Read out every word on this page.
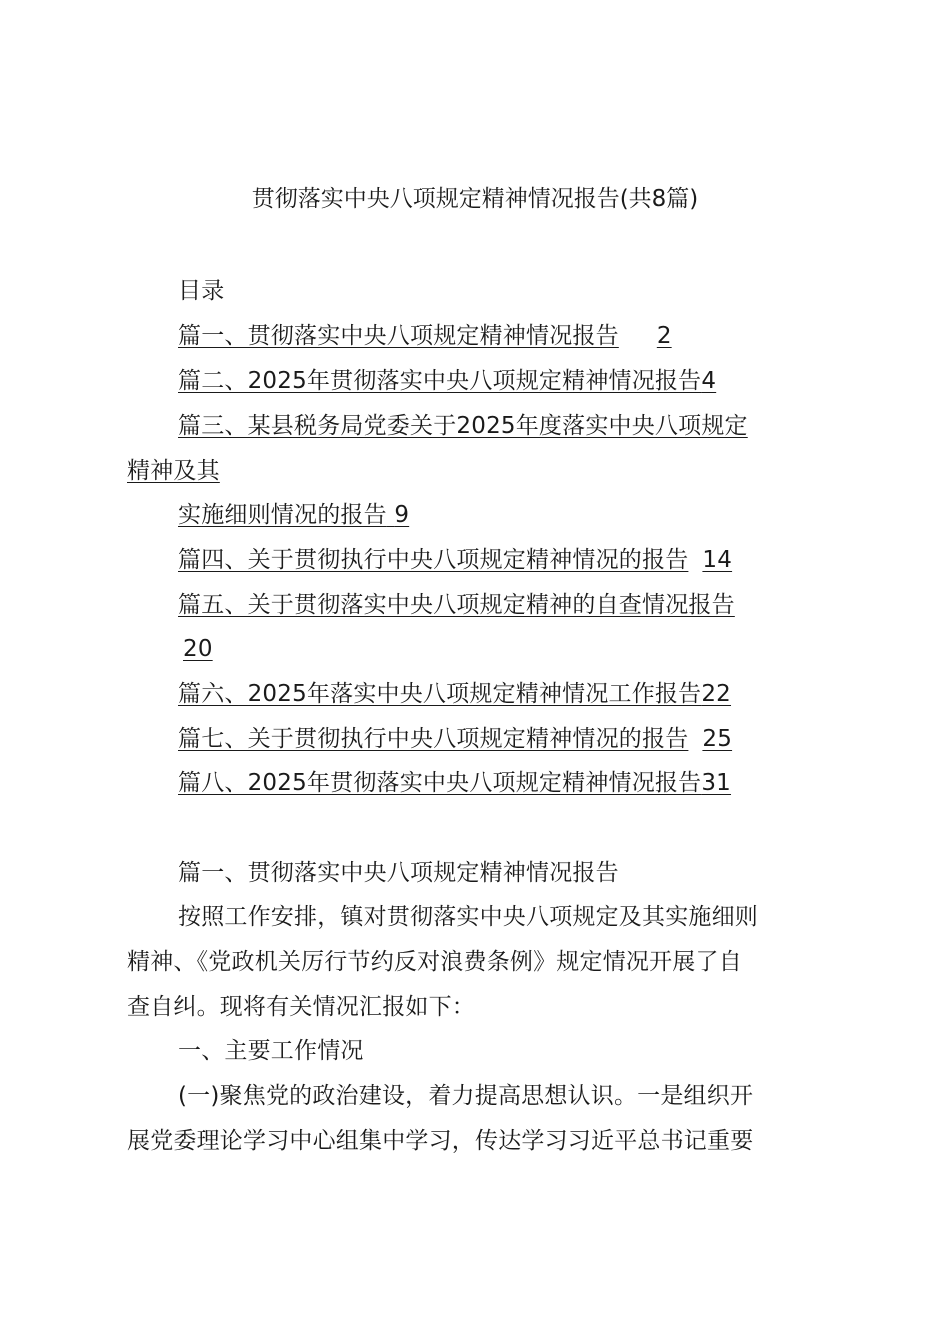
贯彻落实中央八项规定精神情况报告(共8篇)
目录
篇一、贯彻落实中央八项规定精神情况报告 2
篇二、2025年贯彻落实中央八项规定精神情况报告4
篇三、某县税务局党委关于2025年度落实中央八项规定
精神及其
实施细则情况的报告 9
篇四、关于贯彻执行中央八项规定精神情况的报告 14
篇五、关于贯彻落实中央八项规定精神的自查情况报告
20
篇六、2025年落实中央八项规定精神情况工作报告22
篇七、关于贯彻执行中央八项规定精神情况的报告 25
篇八、2025年贯彻落实中央八项规定精神情况报告31
篇一、贯彻落实中央八项规定精神情况报告
按照工作安排，镇对贯彻落实中央八项规定及其实施细则
精神、《党政机关厉行节约反对浪费条例》规定情况开展了自
查自纠。现将有关情况汇报如下：
一、主要工作情况
(一)聚焦党的政治建设，着力提高思想认识。一是组织开
展党委理论学习中心组集中学习，传达学习习近平总书记重要
